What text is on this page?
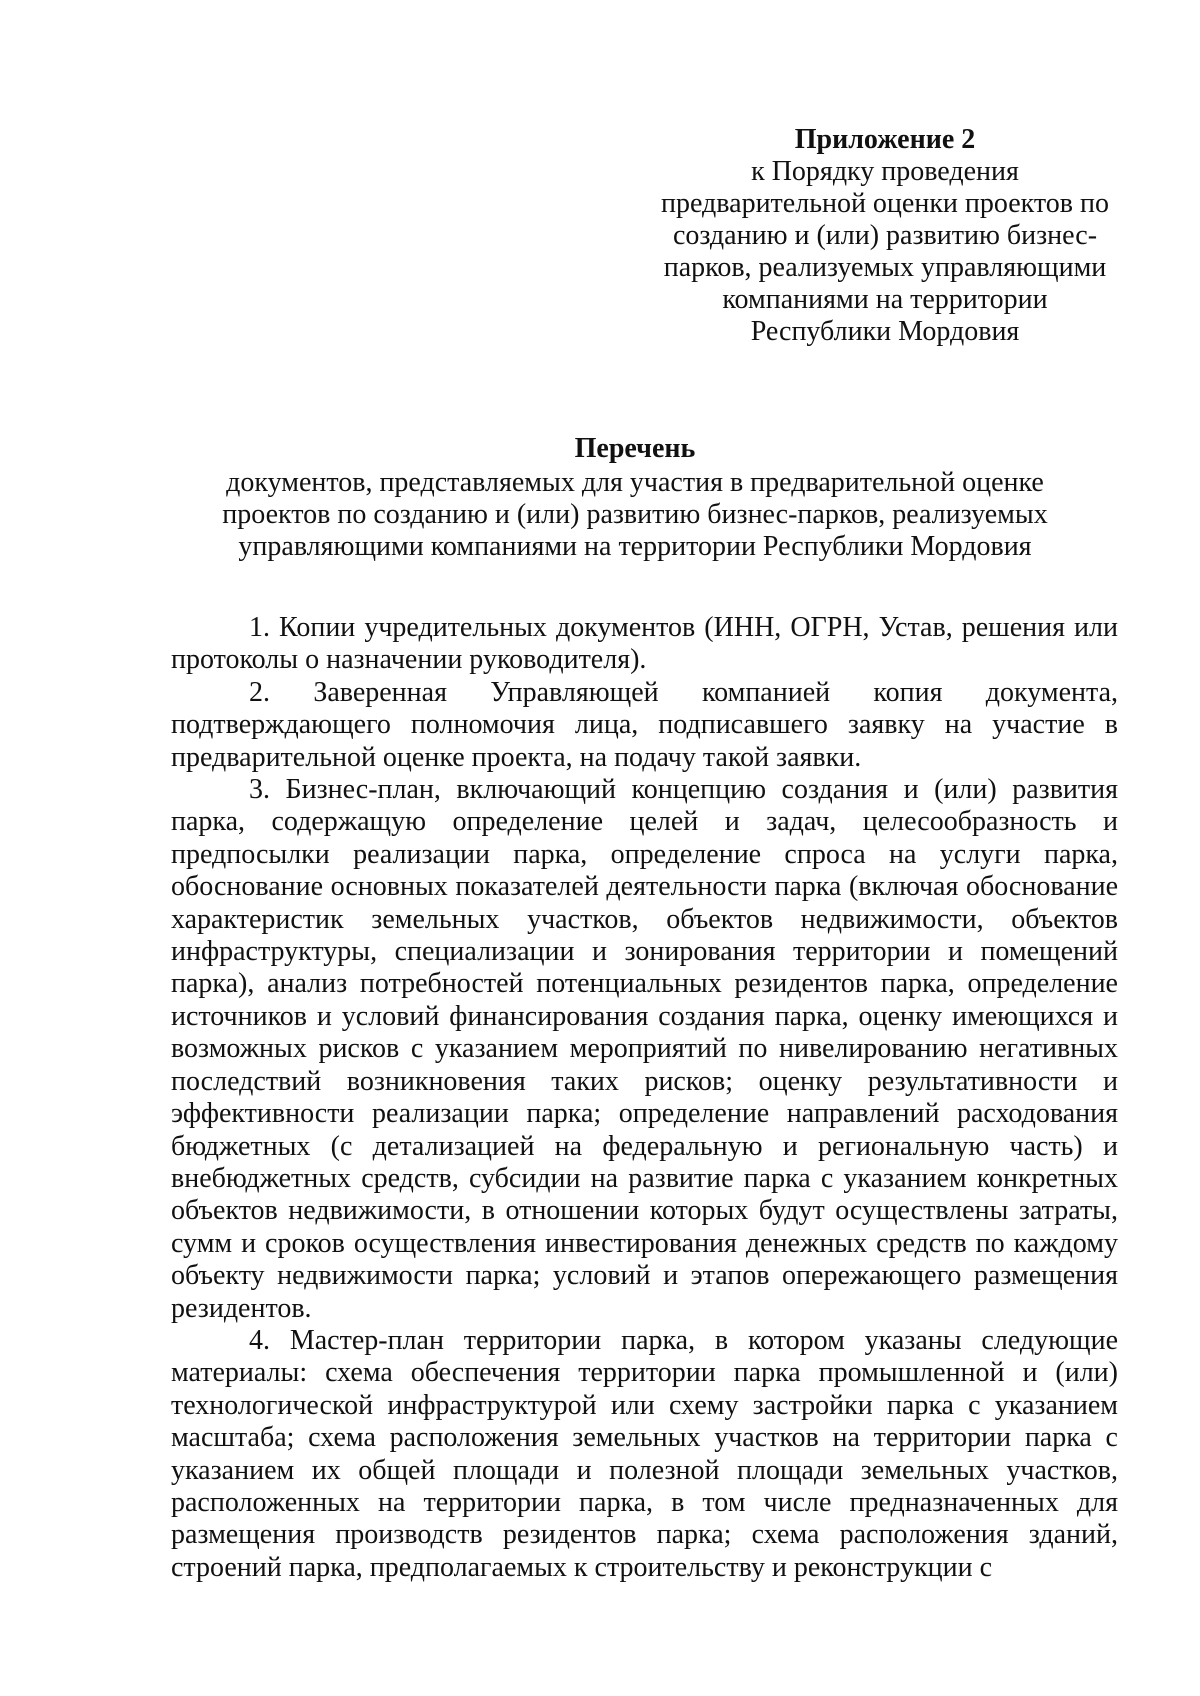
Приложение 2
к Порядку проведения
предварительной оценки проектов по
созданию и (или) развитию бизнес-
парков, реализуемых управляющими
компаниями на территории
Республики Мордовия
Перечень
документов, представляемых для участия в предварительной оценке
проектов по созданию и (или) развитию бизнес-парков, реализуемых
управляющими компаниями на территории Республики Мордовия

1. Копии учредительных документов (ИНН, ОГРН, Устав, решения или протоколы о назначении руководителя).

2. Заверенная Управляющей компанией копия документа, подтверждающего полномочия лица, подписавшего заявку на участие в предварительной оценке проекта, на подачу такой заявки.

3. Бизнес-план, включающий концепцию создания и (или) развития парка, содержащую определение целей и задач, целесообразность и предпосылки реализации парка, определение спроса на услуги парка, обоснование основных показателей деятельности парка (включая обоснование характеристик земельных участков, объектов недвижимости, объектов инфраструктуры, специализации и зонирования территории и помещений парка), анализ потребностей потенциальных резидентов парка, определение источников и условий финансирования создания парка, оценку имеющихся и возможных рисков с указанием мероприятий по нивелированию негативных последствий возникновения таких рисков; оценку результативности и эффективности реализации парка; определение направлений расходования бюджетных (с детализацией на федеральную и региональную часть) и внебюджетных средств, субсидии на развитие парка с указанием конкретных объектов недвижимости, в отношении которых будут осуществлены затраты, сумм и сроков осуществления инвестирования денежных средств по каждому объекту недвижимости парка; условий и этапов опережающего размещения резидентов.

4. Мастер-план территории парка, в котором указаны следующие материалы: схема обеспечения территории парка промышленной и (или) технологической инфраструктурой или схему застройки парка с указанием масштаба; схема расположения земельных участков на территории парка с указанием их общей площади и полезной площади земельных участков, расположенных на территории парка, в том числе предназначенных для размещения производств резидентов парка; схема расположения зданий, строений парка, предполагаемых к строительству и реконструкции с
